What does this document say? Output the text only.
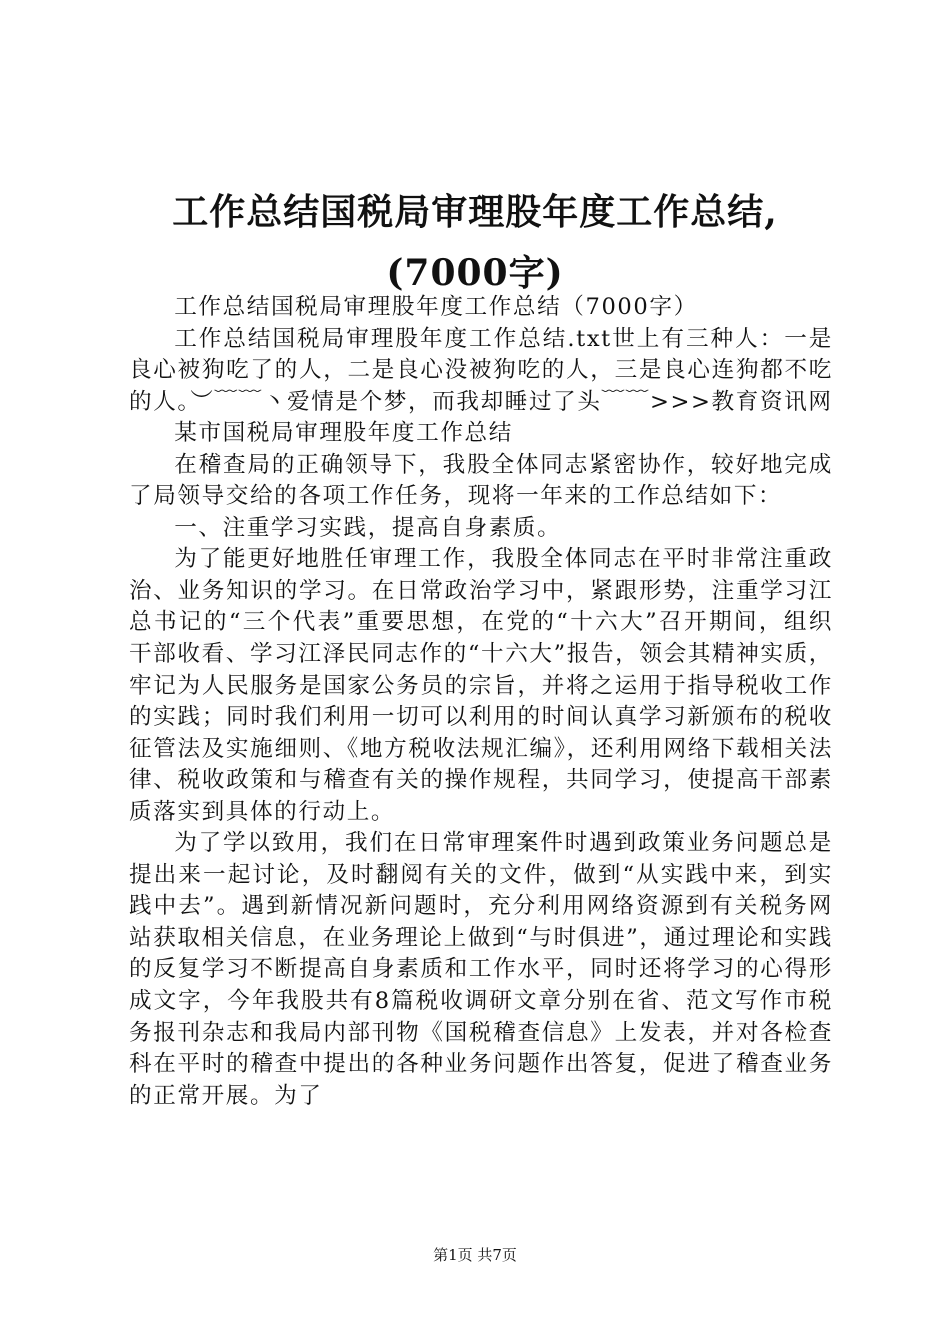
工作总结国税局审理股年度工作总结,(7000字)

工作总结国税局审理股年度工作总结（7000字）

工作总结国税局审理股年度工作总结.txt世上有三种人：一是良心被狗吃了的人，二是良心没被狗吃的人，三是良心连狗都不吃的人。︶﹋﹋丶爱情是个梦，而我却睡过了头﹋﹋>>>教育资讯网

某市国税局审理股年度工作总结

在稽查局的正确领导下，我股全体同志紧密协作，较好地完成了局领导交给的各项工作任务，现将一年来的工作总结如下：

一、注重学习实践，提高自身素质。

为了能更好地胜任审理工作，我股全体同志在平时非常注重政治、业务知识的学习。在日常政治学习中，紧跟形势，注重学习江总书记的“三个代表”重要思想，在党的“十六大”召开期间，组织干部收看、学习江泽民同志作的“十六大”报告，领会其精神实质，牢记为人民服务是国家公务员的宗旨，并将之运用于指导税收工作的实践；同时我们利用一切可以利用的时间认真学习新颁布的税收征管法及实施细则、《地方税收法规汇编》，还利用网络下载相关法律、税收政策和与稽查有关的操作规程，共同学习，使提高干部素质落实到具体的行动上。

为了学以致用，我们在日常审理案件时遇到政策业务问题总是提出来一起讨论，及时翻阅有关的文件，做到“从实践中来，到实践中去”。遇到新情况新问题时，充分利用网络资源到有关税务网站获取相关信息，在业务理论上做到“与时俱进”，通过理论和实践的反复学习不断提高自身素质和工作水平，同时还将学习的心得形成文字，今年我股共有8篇税收调研文章分别在省、范文写作市税务报刊杂志和我局内部刊物《国税稽查信息》上发表，并对各检查科在平时的稽查中提出的各种业务问题作出答复，促进了稽查业务的正常开展。为了

第1页 共7页
